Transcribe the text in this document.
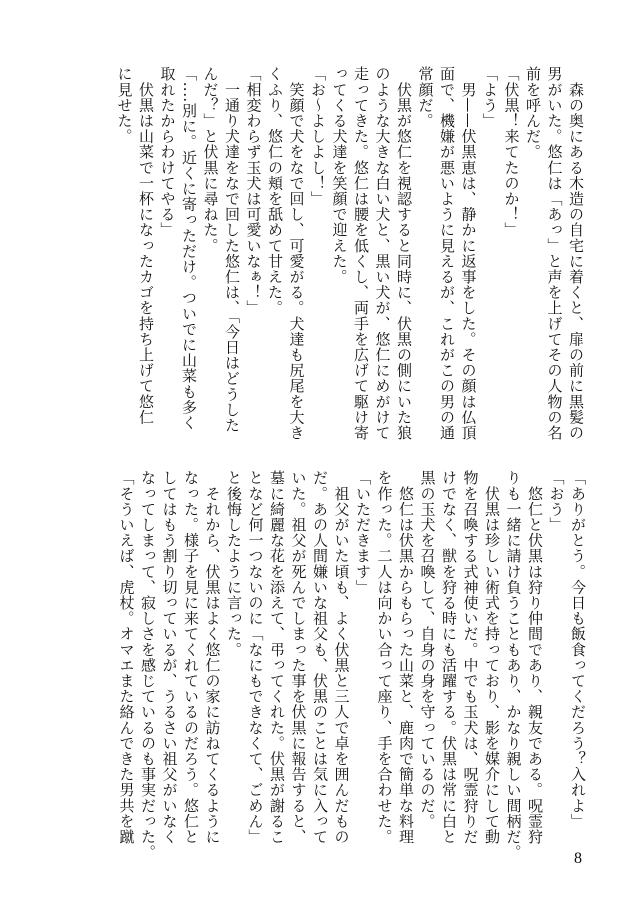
　森の奥にある木造の自宅に着くと、扉の前に黒髪の
男がいた。悠仁は「あっ」と声を上げてその人物の名
前を呼んだ。
「伏黒！来てたのか！」
「よう」
　男——伏黒恵は、静かに返事をした。その顔は仏頂
面で、機嫌が悪いように見えるが、これがこの男の通
常顔だ。
　伏黒が悠仁を視認すると同時に、伏黒の側にいた狼
のような大きな白い犬と、黒い犬が、悠仁にめがけて
走ってきた。悠仁は腰を低くし、両手を広げて駆け寄
ってくる犬達を笑顔で迎えた。
「お～よしよし！」
　笑顔で犬をなで回し、可愛がる。犬達も尻尾を大き
くふり、悠仁の頬を舐めて甘えた。
「相変わらず玉犬は可愛いなぁ！」
　一通り犬達をなで回した悠仁は、「今日はどうした
んだ？」と伏黒に尋ねた。
「‥‥別に。近くに寄っただけ。ついでに山菜も多く
取れたからわけてやる」
　伏黒は山菜で一杯になったカゴを持ち上げて悠仁
に見せた。
「ありがとう。今日も飯食ってくだろう？入れよ」
「おう」
　悠仁と伏黒は狩り仲間であり、親友である。呪霊狩
りも一緒に請け負うこともあり、かなり親しい間柄だ。
　伏黒は珍しい術式を持っており、影を媒介にして動
物を召喚する式神使いだ。中でも玉犬は、呪霊狩りだ
けでなく、獣を狩る時にも活躍する。伏黒は常に白と
黒の玉犬を召喚して、自身の身を守っているのだ。
　悠仁は伏黒からもらった山菜と、鹿肉で簡単な料理
を作った。二人は向かい合って座り、手を合わせた。
「いただきます」
　祖父がいた頃も、よく伏黒と三人で卓を囲んだもの
だ。あの人間嫌いな祖父も、伏黒のことは気に入って
いた。祖父が死んでしまった事を伏黒に報告すると、
墓に綺麗な花を添えて、弔ってくれた。伏黒が謝るこ
となど何一つないのに「なにもできなくて、ごめん」
と後悔したように言った。
　それから、伏黒はよく悠仁の家に訪ねてくるように
なった。様子を見に来てくれているのだろう。悠仁と
してはもう割り切っているが、うるさい祖父がいなく
なってしまって、寂しさを感じているのも事実だった。
「そういえば、虎杖。オマエまた絡んできた男共を蹴
8
